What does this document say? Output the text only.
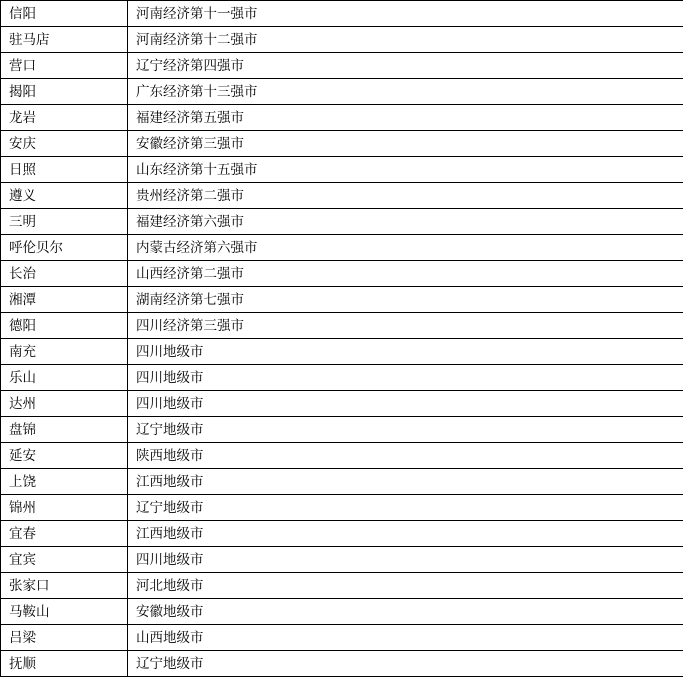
信阳	河南经济第十一强市
驻马店	河南经济第十二强市
营口	辽宁经济第四强市
揭阳	广东经济第十三强市
龙岩	福建经济第五强市
安庆	安徽经济第三强市
日照	山东经济第十五强市
遵义	贵州经济第二强市
三明	福建经济第六强市
呼伦贝尔	内蒙古经济第六强市
长治	山西经济第二强市
湘潭	湖南经济第七强市
德阳	四川经济第三强市
南充	四川地级市
乐山	四川地级市
达州	四川地级市
盘锦	辽宁地级市
延安	陕西地级市
上饶	江西地级市
锦州	辽宁地级市
宜春	江西地级市
宜宾	四川地级市
张家口	河北地级市
马鞍山	安徽地级市
吕梁	山西地级市
抚顺	辽宁地级市
